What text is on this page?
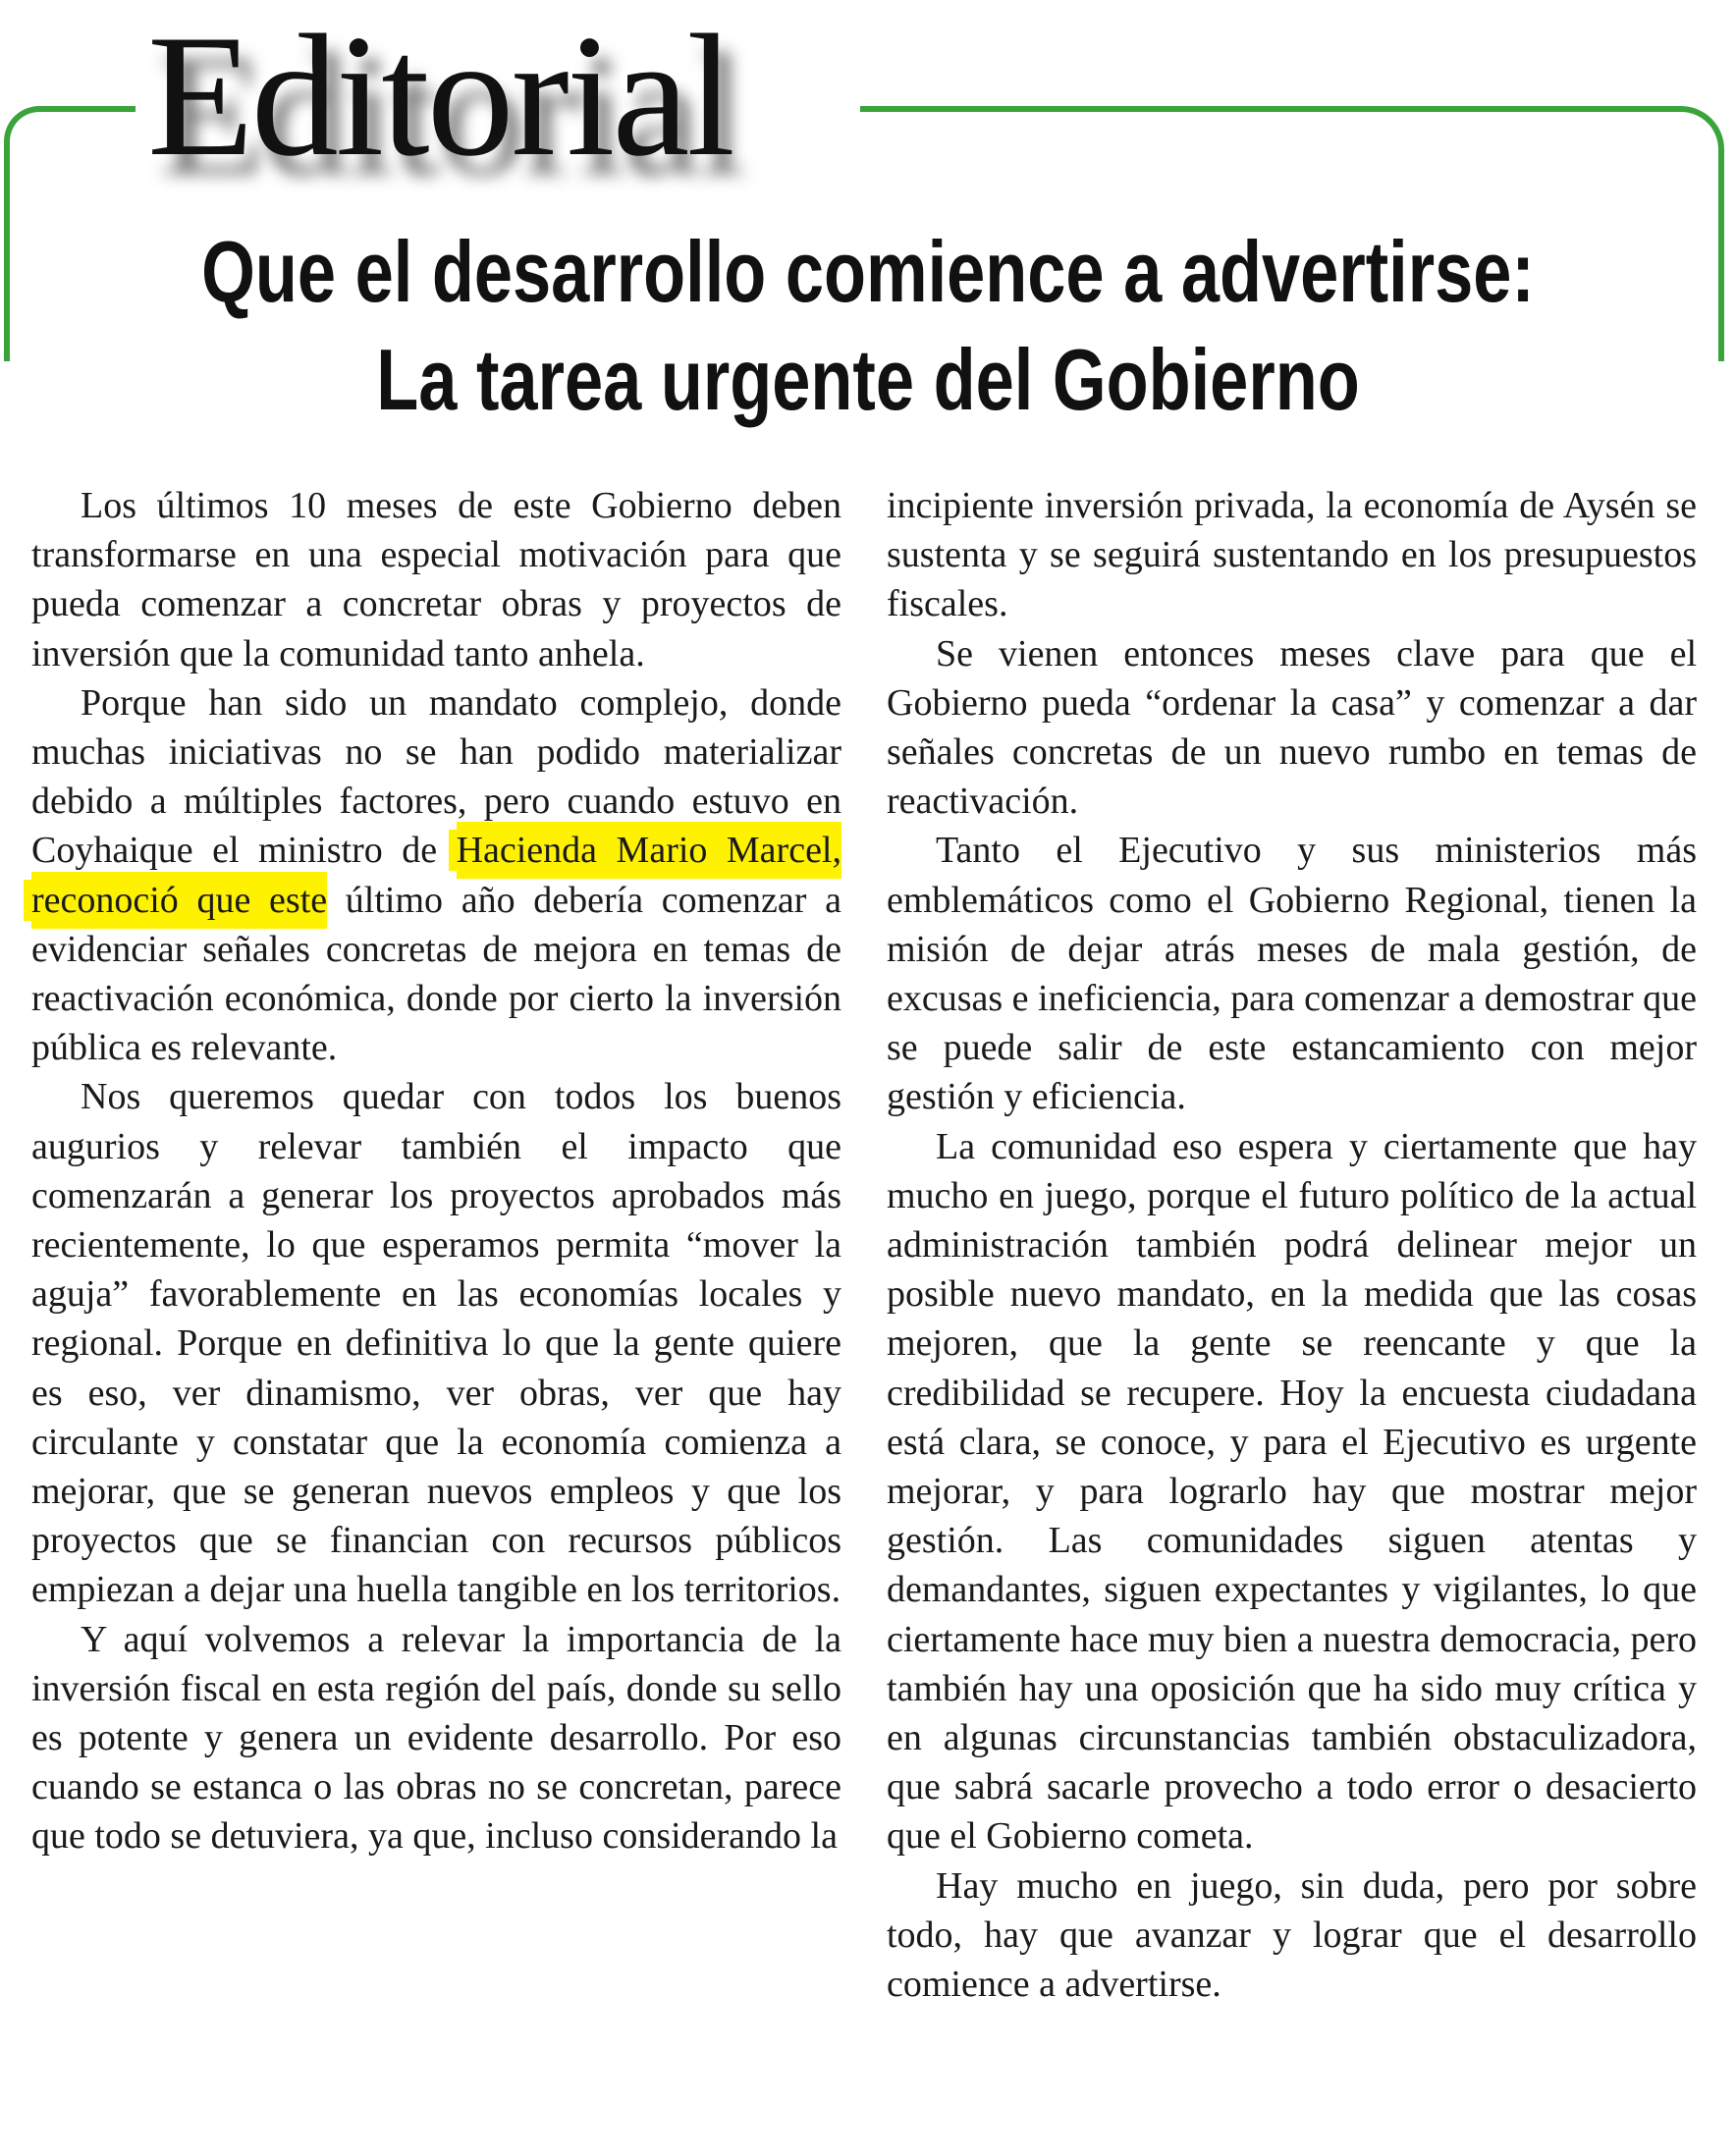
Editorial
Que el desarrollo comience a advertirse:
La tarea urgente del Gobierno

Los últimos 10 meses de este Gobierno deben transformarse en una especial motivación para que pueda comenzar a concretar obras y proyectos de inversión que la comunidad tanto anhela.

Porque han sido un mandato complejo, donde muchas iniciativas no se han podido materializar debido a múltiples factores, pero cuando estuvo en Coyhaique el ministro de Hacienda Mario Marcel, reconoció que este último año debería comenzar a evidenciar señales concretas de mejora en temas de reactivación económica, donde por cierto la inversión pública es relevante.

Nos queremos quedar con todos los buenos augurios y relevar también el impacto que comenzarán a generar los proyectos aprobados más recientemente, lo que esperamos permita “mover la aguja” favorablemente en las economías locales y regional. Porque en definitiva lo que la gente quiere es eso, ver dinamismo, ver obras, ver que hay circulante y constatar que la economía comienza a mejorar, que se generan nuevos empleos y que los proyectos que se financian con recursos públicos empiezan a dejar una huella tangible en los territorios.

Y aquí volvemos a relevar la importancia de la inversión fiscal en esta región del país, donde su sello es potente y genera un evidente desarrollo. Por eso cuando se estanca o las obras no se concretan, parece que todo se detuviera, ya que, incluso considerando la

incipiente inversión privada, la economía de Aysén se sustenta y se seguirá sustentando en los presupuestos fiscales.

Se vienen entonces meses clave para que el Gobierno pueda “ordenar la casa” y comenzar a dar señales concretas de un nuevo rumbo en temas de reactivación.

Tanto el Ejecutivo y sus ministerios más emblemáticos como el Gobierno Regional, tienen la misión de dejar atrás meses de mala gestión, de excusas e ineficiencia, para comenzar a demostrar que se puede salir de este estancamiento con mejor gestión y eficiencia.

La comunidad eso espera y ciertamente que hay mucho en juego, porque el futuro político de la actual administración también podrá delinear mejor un posible nuevo mandato, en la medida que las cosas mejoren, que la gente se reencante y que la credibilidad se recupere. Hoy la encuesta ciudadana está clara, se conoce, y para el Ejecutivo es urgente mejorar, y para lograrlo hay que mostrar mejor gestión. Las comunidades siguen atentas y demandantes, siguen expectantes y vigilantes, lo que ciertamente hace muy bien a nuestra democracia, pero también hay una oposición que ha sido muy crítica y en algunas circunstancias también obstaculizadora, que sabrá sacarle provecho a todo error o desacierto que el Gobierno cometa.

Hay mucho en juego, sin duda, pero por sobre todo, hay que avanzar y lograr que el desarrollo comience a advertirse.
